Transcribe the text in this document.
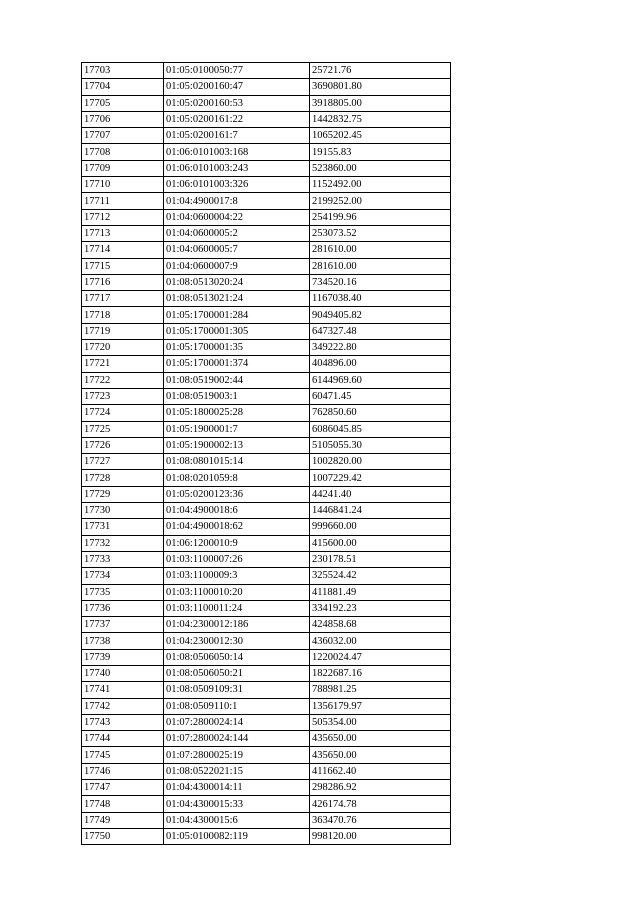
17703	01:05:0100050:77	25721.76
17704	01:05:0200160:47	3690801.80
17705	01:05:0200160:53	3918805.00
17706	01:05:0200161:22	1442832.75
17707	01:05:0200161:7	1065202.45
17708	01:06:0101003:168	19155.83
17709	01:06:0101003:243	523860.00
17710	01:06:0101003:326	1152492.00
17711	01:04:4900017:8	2199252.00
17712	01:04:0600004:22	254199.96
17713	01:04:0600005:2	253073.52
17714	01:04:0600005:7	281610.00
17715	01:04:0600007:9	281610.00
17716	01:08:0513020:24	734520.16
17717	01:08:0513021:24	1167038.40
17718	01:05:1700001:284	9049405.82
17719	01:05:1700001:305	647327.48
17720	01:05:1700001:35	349222.80
17721	01:05:1700001:374	404896.00
17722	01:08:0519002:44	6144969.60
17723	01:08:0519003:1	60471.45
17724	01:05:1800025:28	762850.60
17725	01:05:1900001:7	6086045.85
17726	01:05:1900002:13	5105055.30
17727	01:08:0801015:14	1002820.00
17728	01:08:0201059:8	1007229.42
17729	01:05:0200123:36	44241.40
17730	01:04:4900018:6	1446841.24
17731	01:04:4900018:62	999660.00
17732	01:06:1200010:9	415600.00
17733	01:03:1100007:26	230178.51
17734	01:03:1100009:3	325524.42
17735	01:03:1100010:20	411881.49
17736	01:03:1100011:24	334192.23
17737	01:04:2300012:186	424858.68
17738	01:04:2300012:30	436032.00
17739	01:08:0506050:14	1220024.47
17740	01:08:0506050:21	1822687.16
17741	01:08:0509109:31	788981.25
17742	01:08:0509110:1	1356179.97
17743	01:07:2800024:14	505354.00
17744	01:07:2800024:144	435650.00
17745	01:07:2800025:19	435650.00
17746	01:08:0522021:15	411662.40
17747	01:04:4300014:11	298286.92
17748	01:04:4300015:33	426174.78
17749	01:04:4300015:6	363470.76
17750	01:05:0100082:119	998120.00
